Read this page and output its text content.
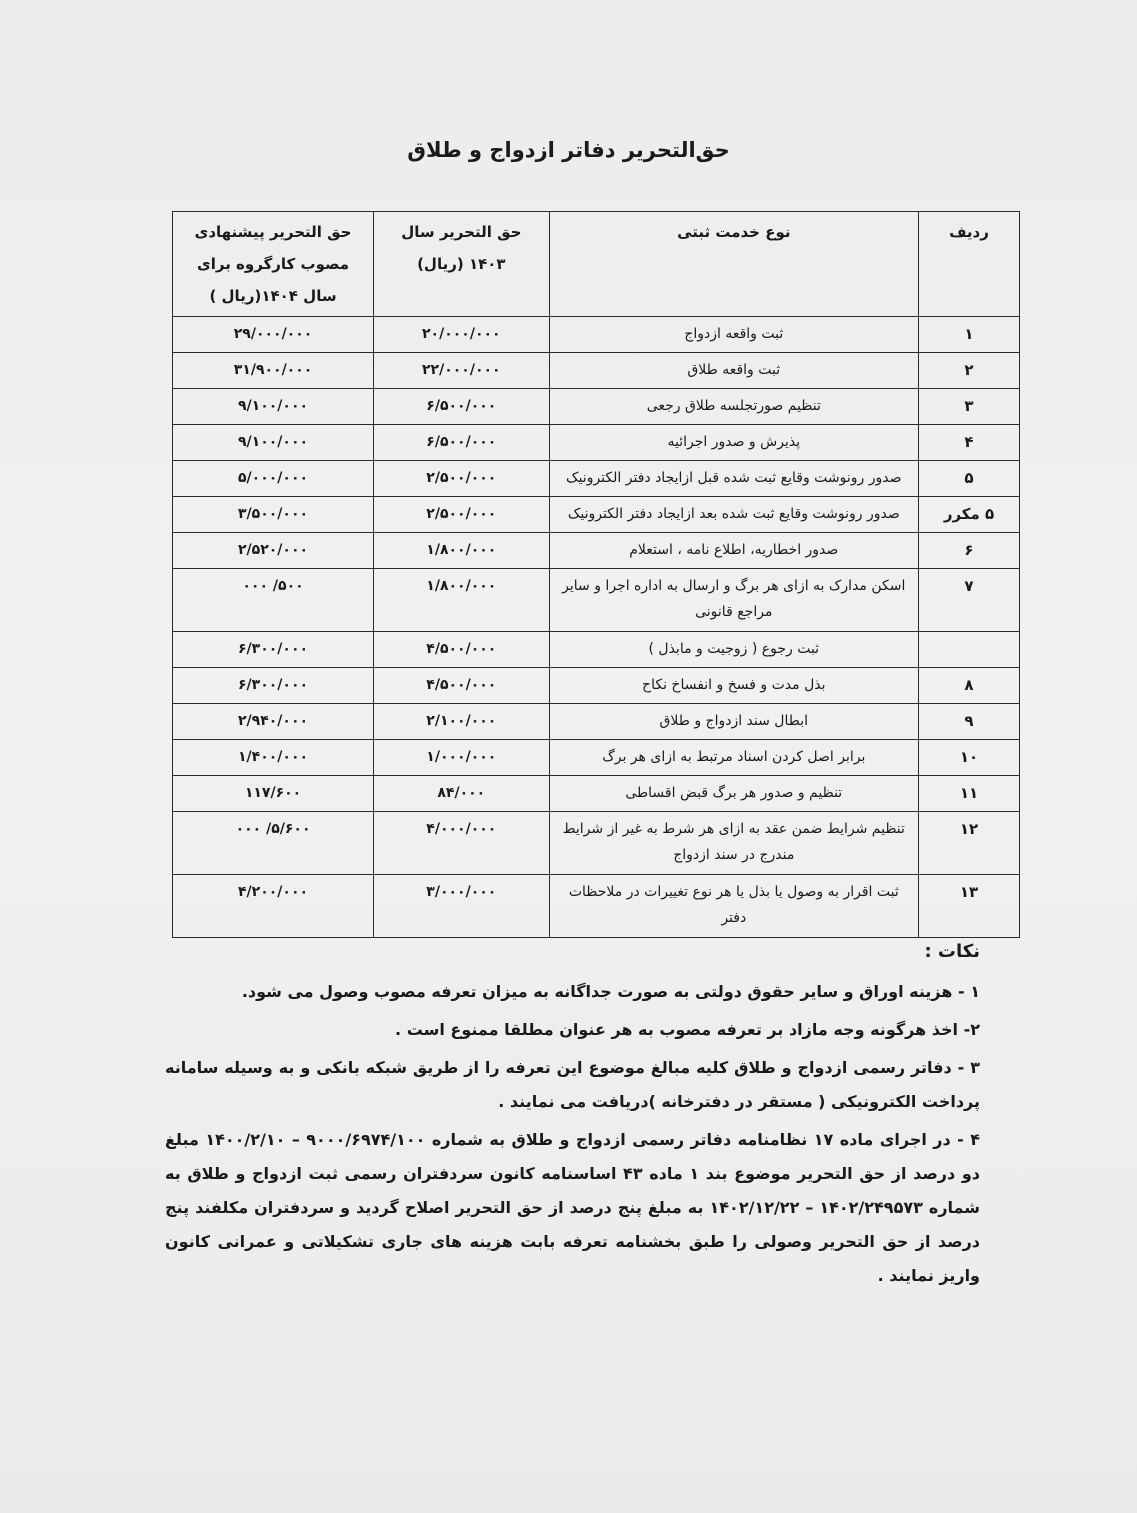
حق‌التحریر دفاتر ازدواج و طلاق
ردیف	نوع خدمت ثبتی	حق التحریر سال ۱۴۰۳ (ریال)	حق التحریر پیشنهادی مصوب کارگروه برای سال ۱۴۰۴(ریال )
۱	ثبت واقعه ازدواج	۲۰/۰۰۰/۰۰۰	۲۹/۰۰۰/۰۰۰
۲	ثبت واقعه طلاق	۲۲/۰۰۰/۰۰۰	۳۱/۹۰۰/۰۰۰
۳	تنظیم صورتجلسه طلاق رجعی	۶/۵۰۰/۰۰۰	۹/۱۰۰/۰۰۰
۴	پذیرش و صدور اجرائیه	۶/۵۰۰/۰۰۰	۹/۱۰۰/۰۰۰
۵	صدور رونوشت وقایع ثبت شده قبل ازایجاد دفتر الکترونیک	۲/۵۰۰/۰۰۰	۵/۰۰۰/۰۰۰
۵ مکرر	صدور رونوشت وقایع ثبت شده بعد ازایجاد دفتر الکترونیک	۲/۵۰۰/۰۰۰	۳/۵۰۰/۰۰۰
۶	صدور اخطاریه، اطلاع نامه ، استعلام	۱/۸۰۰/۰۰۰	۲/۵۲۰/۰۰۰
۷	اسکن مدارک به ازای هر برگ و ارسال به اداره اجرا و سایر مراجع قانونی	۱/۸۰۰/۰۰۰	۵۰۰/ ۰۰۰
	ثبت رجوع ( زوجیت و مابذل )	۴/۵۰۰/۰۰۰	۶/۳۰۰/۰۰۰
۸	بذل مدت و فسخ و انفساخ نکاح	۴/۵۰۰/۰۰۰	۶/۳۰۰/۰۰۰
۹	ابطال سند ازدواج و طلاق	۲/۱۰۰/۰۰۰	۲/۹۴۰/۰۰۰
۱۰	برابر اصل کردن اسناد مرتبط به ازای هر برگ	۱/۰۰۰/۰۰۰	۱/۴۰۰/۰۰۰
۱۱	تنظیم و صدور هر برگ قبض اقساطی	۸۴/۰۰۰	۱۱۷/۶۰۰
۱۲	تنظیم شرایط ضمن عقد به ازای هر شرط به غیر از شرایط مندرج در سند ازدواج	۴/۰۰۰/۰۰۰	۵/۶۰۰/ ۰۰۰
۱۳	ثبت اقرار به وصول یا بذل یا هر نوع تغییرات در ملاحظات دفتر	۳/۰۰۰/۰۰۰	۴/۲۰۰/۰۰۰
نکات :

۱ - هزینه اوراق و سایر حقوق دولتی به صورت جداگانه به میزان تعرفه مصوب وصول می شود.

۲- اخذ هرگونه وجه مازاد بر تعرفه مصوب به هر عنوان مطلقا ممنوع است .

۳ - دفاتر رسمی ازدواج و طلاق کلیه مبالغ موضوع این تعرفه را از طریق شبکه بانکی و به وسیله سامانه پرداخت الکترونیکی ( مستقر در دفترخانه )دریافت می نمایند .

۴ - در اجرای ماده ۱۷ نظامنامه دفاتر رسمی ازدواج و طلاق به شماره ۹۰۰۰/۶۹۷۴/۱۰۰ – ۱۴۰۰/۲/۱۰ مبلغ دو درصد از حق التحریر موضوع بند ۱ ماده ۴۳ اساسنامه کانون سردفتران رسمی ثبت ازدواج و طلاق به شماره ۱۴۰۲/۲۴۹۵۷۳ – ۱۴۰۲/۱۲/۲۲ به مبلغ پنج درصد از حق التحریر اصلاح گردید و سردفتران مکلفند پنج درصد از حق التحریر وصولی را طبق بخشنامه تعرفه بابت هزینه های جاری تشکیلاتی و عمرانی کانون واریز نمایند .
